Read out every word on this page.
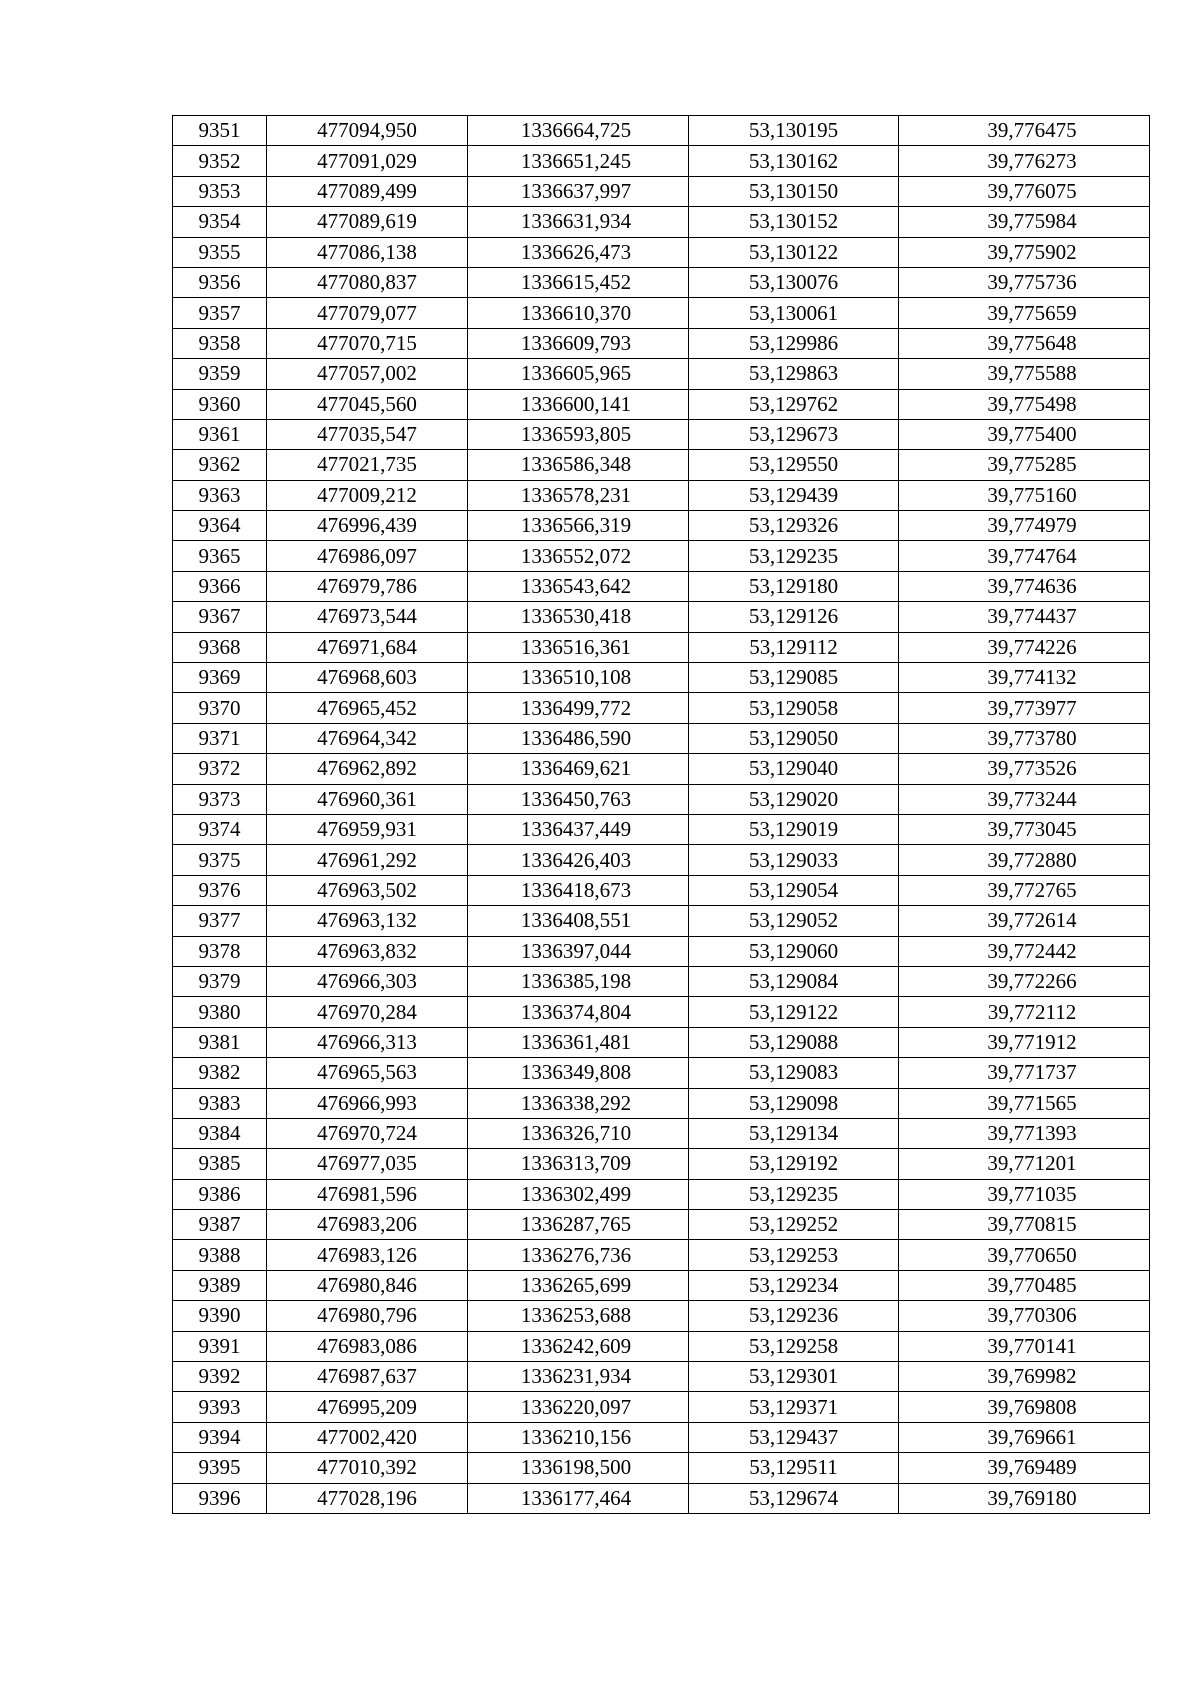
9351	477094,950	1336664,725	53,130195	39,776475
9352	477091,029	1336651,245	53,130162	39,776273
9353	477089,499	1336637,997	53,130150	39,776075
9354	477089,619	1336631,934	53,130152	39,775984
9355	477086,138	1336626,473	53,130122	39,775902
9356	477080,837	1336615,452	53,130076	39,775736
9357	477079,077	1336610,370	53,130061	39,775659
9358	477070,715	1336609,793	53,129986	39,775648
9359	477057,002	1336605,965	53,129863	39,775588
9360	477045,560	1336600,141	53,129762	39,775498
9361	477035,547	1336593,805	53,129673	39,775400
9362	477021,735	1336586,348	53,129550	39,775285
9363	477009,212	1336578,231	53,129439	39,775160
9364	476996,439	1336566,319	53,129326	39,774979
9365	476986,097	1336552,072	53,129235	39,774764
9366	476979,786	1336543,642	53,129180	39,774636
9367	476973,544	1336530,418	53,129126	39,774437
9368	476971,684	1336516,361	53,129112	39,774226
9369	476968,603	1336510,108	53,129085	39,774132
9370	476965,452	1336499,772	53,129058	39,773977
9371	476964,342	1336486,590	53,129050	39,773780
9372	476962,892	1336469,621	53,129040	39,773526
9373	476960,361	1336450,763	53,129020	39,773244
9374	476959,931	1336437,449	53,129019	39,773045
9375	476961,292	1336426,403	53,129033	39,772880
9376	476963,502	1336418,673	53,129054	39,772765
9377	476963,132	1336408,551	53,129052	39,772614
9378	476963,832	1336397,044	53,129060	39,772442
9379	476966,303	1336385,198	53,129084	39,772266
9380	476970,284	1336374,804	53,129122	39,772112
9381	476966,313	1336361,481	53,129088	39,771912
9382	476965,563	1336349,808	53,129083	39,771737
9383	476966,993	1336338,292	53,129098	39,771565
9384	476970,724	1336326,710	53,129134	39,771393
9385	476977,035	1336313,709	53,129192	39,771201
9386	476981,596	1336302,499	53,129235	39,771035
9387	476983,206	1336287,765	53,129252	39,770815
9388	476983,126	1336276,736	53,129253	39,770650
9389	476980,846	1336265,699	53,129234	39,770485
9390	476980,796	1336253,688	53,129236	39,770306
9391	476983,086	1336242,609	53,129258	39,770141
9392	476987,637	1336231,934	53,129301	39,769982
9393	476995,209	1336220,097	53,129371	39,769808
9394	477002,420	1336210,156	53,129437	39,769661
9395	477010,392	1336198,500	53,129511	39,769489
9396	477028,196	1336177,464	53,129674	39,769180
